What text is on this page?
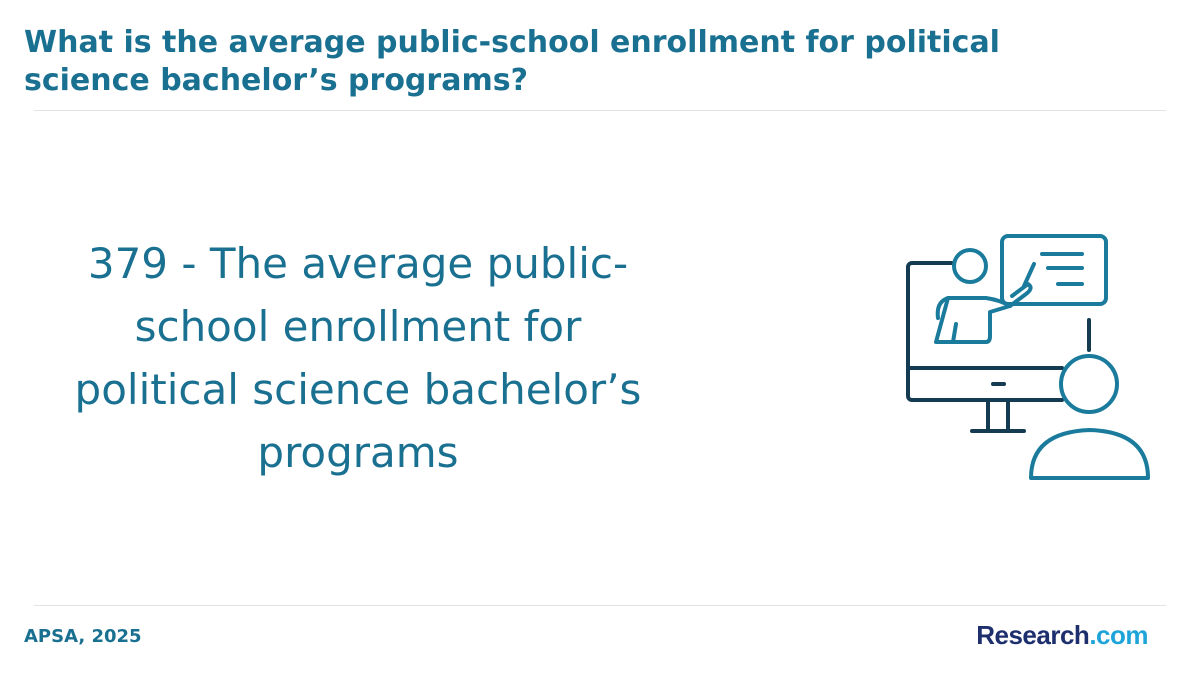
What is the average public-school enrollment for political science bachelor’s programs?
379 - The average public-school enrollment for political science bachelor’s programs
APSA, 2025	Research.com
